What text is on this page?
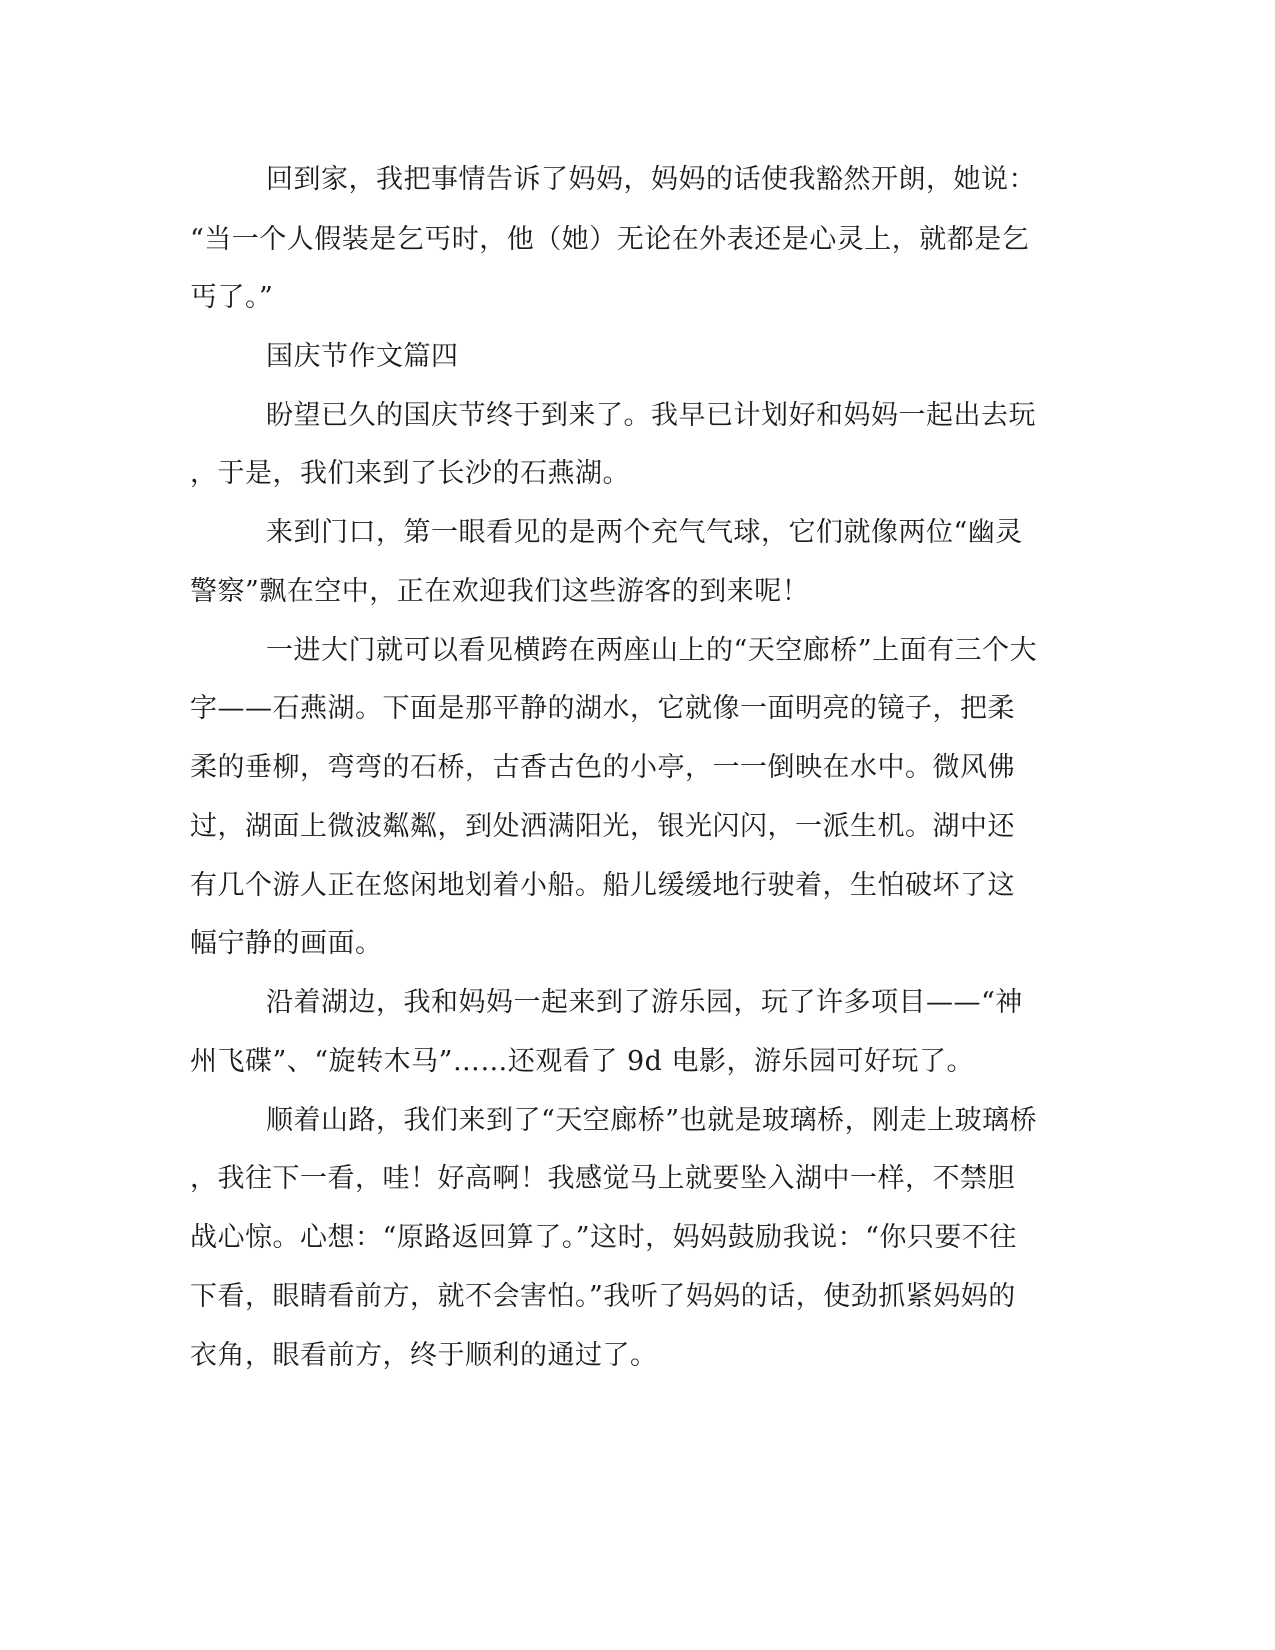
回到家，我把事情告诉了妈妈，妈妈的话使我豁然开朗，她说：

“当一个人假装是乞丐时，他（她）无论在外表还是心灵上，就都是乞

丐了。”

国庆节作文篇四

盼望已久的国庆节终于到来了。我早已计划好和妈妈一起出去玩

，于是，我们来到了长沙的石燕湖。

来到门口，第一眼看见的是两个充气气球，它们就像两位“幽灵

警察”飘在空中，正在欢迎我们这些游客的到来呢！

一进大门就可以看见横跨在两座山上的“天空廊桥”上面有三个大

字——石燕湖。下面是那平静的湖水，它就像一面明亮的镜子，把柔

柔的垂柳，弯弯的石桥，古香古色的小亭，一一倒映在水中。微风佛

过，湖面上微波粼粼，到处洒满阳光，银光闪闪，一派生机。湖中还

有几个游人正在悠闲地划着小船。船儿缓缓地行驶着，生怕破坏了这

幅宁静的画面。

沿着湖边，我和妈妈一起来到了游乐园，玩了许多项目——“神

州飞碟”、“旋转木马”……还观看了 9d 电影，游乐园可好玩了。

顺着山路，我们来到了“天空廊桥”也就是玻璃桥，刚走上玻璃桥

，我往下一看，哇！好高啊！我感觉马上就要坠入湖中一样，不禁胆

战心惊。心想：“原路返回算了。”这时，妈妈鼓励我说：“你只要不往

下看，眼睛看前方，就不会害怕。”我听了妈妈的话，使劲抓紧妈妈的

衣角，眼看前方，终于顺利的通过了。
